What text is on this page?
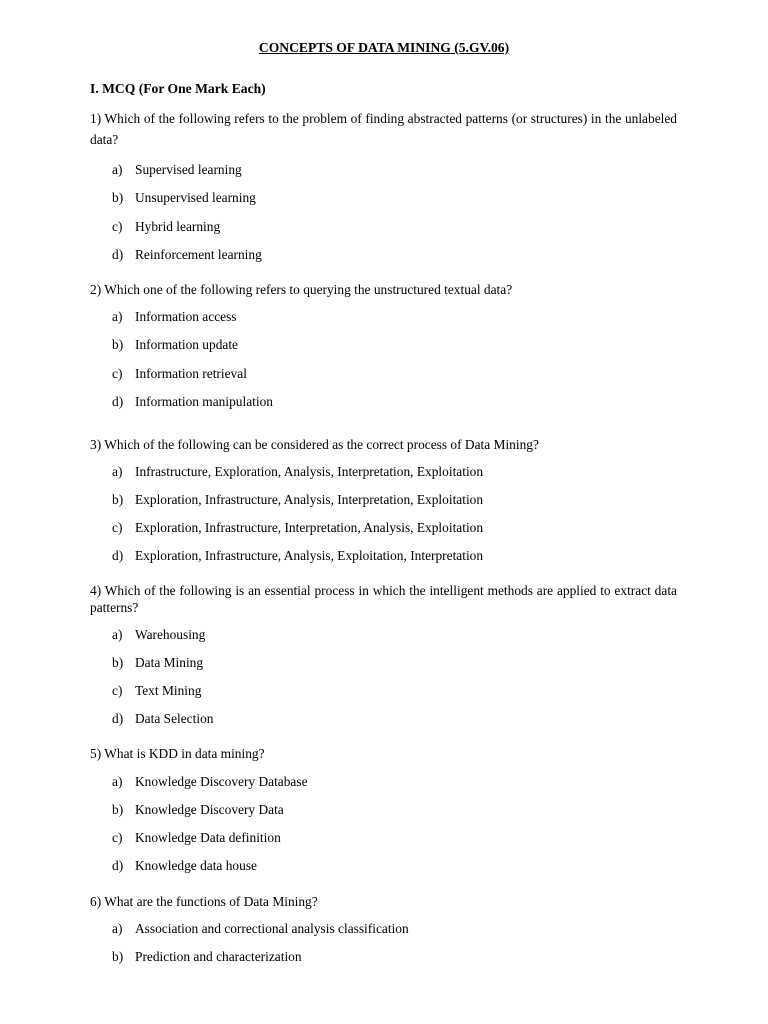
CONCEPTS OF DATA MINING (5.GV.06)
I. MCQ (For One Mark Each)
1) Which of the following refers to the problem of finding abstracted patterns (or structures) in the unlabeled data?
a) Supervised learning
b) Unsupervised learning
c) Hybrid learning
d) Reinforcement learning
2) Which one of the following refers to querying the unstructured textual data?
a) Information access
b) Information update
c) Information retrieval
d) Information manipulation
3) Which of the following can be considered as the correct process of Data Mining?
a) Infrastructure, Exploration, Analysis, Interpretation, Exploitation
b) Exploration, Infrastructure, Analysis, Interpretation, Exploitation
c) Exploration, Infrastructure, Interpretation, Analysis, Exploitation
d) Exploration, Infrastructure, Analysis, Exploitation, Interpretation
4) Which of the following is an essential process in which the intelligent methods are applied to extract data patterns?
a) Warehousing
b) Data Mining
c) Text Mining
d) Data Selection
5) What is KDD in data mining?
a) Knowledge Discovery Database
b) Knowledge Discovery Data
c) Knowledge Data definition
d) Knowledge data house
6) What are the functions of Data Mining?
a) Association and correctional analysis classification
b) Prediction and characterization
